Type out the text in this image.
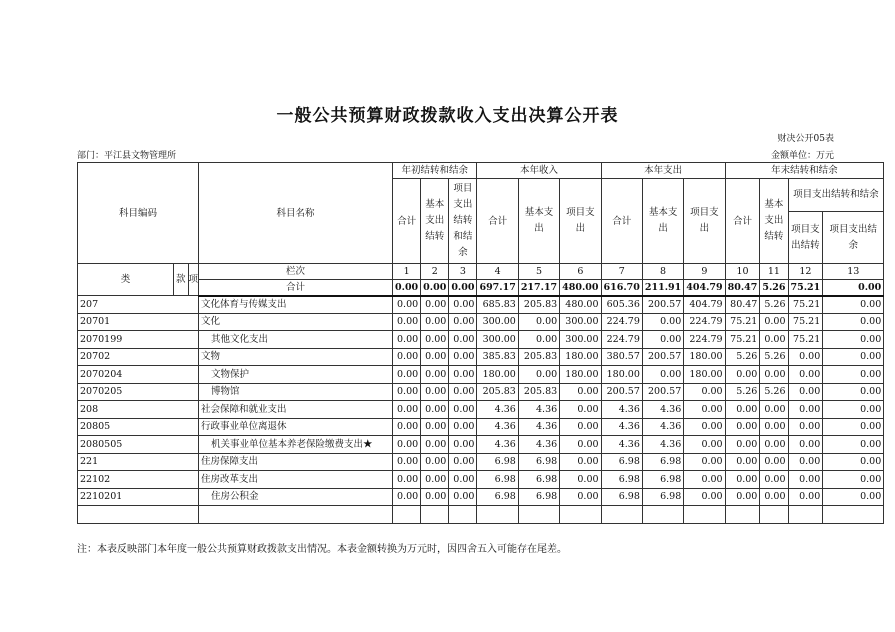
一般公共预算财政拨款收入支出决算公开表
财决公开05表
部门：平江县文物管理所	金额单位：万元
科目编码			科目名称	年初结转和结余			本年收入			本年支出			年末结转和结余			
				合计	基本支出结转	项目支出结转和结余	合计	基本支出	项目支出	合计	基本支出	项目支出	合计	基本支出结转	项目支出结转和结余	
															项目支出结转	项目支出结余

类	款	项	栏次	1	2	3	4	5	6	7	8	9	10	11	12	13
			合计	0.00	0.00	0.00	697.17	217.17	480.00	616.70	211.91	404.79	80.47	5.26	75.21	0.00
207			文化体育与传媒支出	0.00	0.00	0.00	685.83	205.83	480.00	605.36	200.57	404.79	80.47	5.26	75.21	0.00
20701			文化	0.00	0.00	0.00	300.00	0.00	300.00	224.79	0.00	224.79	75.21	0.00	75.21	0.00
2070199			其他文化支出	0.00	0.00	0.00	300.00	0.00	300.00	224.79	0.00	224.79	75.21	0.00	75.21	0.00
20702			文物	0.00	0.00	0.00	385.83	205.83	180.00	380.57	200.57	180.00	5.26	5.26	0.00	0.00
2070204			文物保护	0.00	0.00	0.00	180.00	0.00	180.00	180.00	0.00	180.00	0.00	0.00	0.00	0.00
2070205			博物馆	0.00	0.00	0.00	205.83	205.83	0.00	200.57	200.57	0.00	5.26	5.26	0.00	0.00
208			社会保障和就业支出	0.00	0.00	0.00	4.36	4.36	0.00	4.36	4.36	0.00	0.00	0.00	0.00	0.00
20805			行政事业单位离退休	0.00	0.00	0.00	4.36	4.36	0.00	4.36	4.36	0.00	0.00	0.00	0.00	0.00
2080505			机关事业单位基本养老保险缴费支出★	0.00	0.00	0.00	4.36	4.36	0.00	4.36	4.36	0.00	0.00	0.00	0.00	0.00
221			住房保障支出	0.00	0.00	0.00	6.98	6.98	0.00	6.98	6.98	0.00	0.00	0.00	0.00	0.00
22102			住房改革支出	0.00	0.00	0.00	6.98	6.98	0.00	6.98	6.98	0.00	0.00	0.00	0.00	0.00
2210201			住房公积金	0.00	0.00	0.00	6.98	6.98	0.00	6.98	6.98	0.00	0.00	0.00	0.00	0.00

注：本表反映部门本年度一般公共预算财政拨款支出情况。本表金额转换为万元时，因四舍五入可能存在尾差。
